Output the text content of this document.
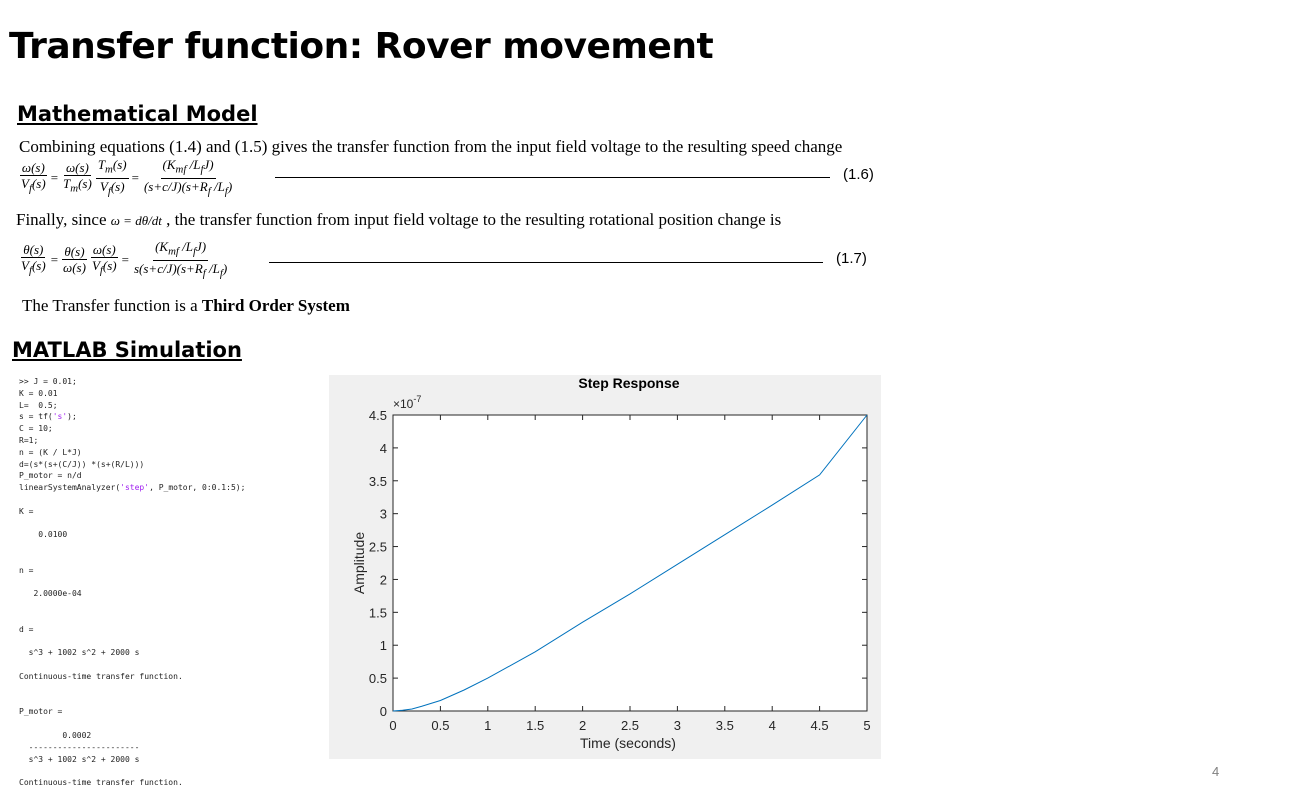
Transfer function: Rover movement
Mathematical Model
Combining equations (1.4) and (1.5) gives the transfer function from the input field voltage to the resulting speed change
$\frac{\omega(s)}{V_f(s)} = \frac{\omega(s)}{T_m(s)} \frac{T_m(s)}{V_f(s)} = \frac{(K_{mf} /L_fJ)}{(s+c/J)(s+R_f /L_f)}$	(1.6)
Finally, since ω = dθ/dt , the transfer function from input field voltage to the resulting rotational position change is
$\frac{\theta(s)}{V_f(s)} = \frac{\theta(s)}{\omega(s)} \frac{\omega(s)}{V_f(s)} = \frac{(K_{mf} /L_fJ)}{s(s+c/J)(s+R_f /L_f)}$	(1.7)
The Transfer function is a Third Order System
MATLAB Simulation
>> J = 0.01;
K = 0.01
L=  0.5;
s = tf('s');
C = 10;
R=1;
n = (K / L*J)
d=(s*(s+(C/J)) *(s+(R/L)))
P_motor = n/d
linearSystemAnalyzer('step', P_motor, 0:0.1:5);

K =

0.0100

n =

2.0000e-04

d =

s^3 + 1002 s^2 + 2000 s

Continuous-time transfer function.

P_motor =

0.0002
-----------------------
s^3 + 1002 s^2 + 2000 s

Continuous-time transfer function.
Step Response
Time (seconds)
Amplitude
$\times 10^{-7}$
0	0.5	1	1.5	2	2.5	3	3.5	4	4.5	5
0
0.5
1
1.5
2
2.5
3
3.5
4
4.5
4
